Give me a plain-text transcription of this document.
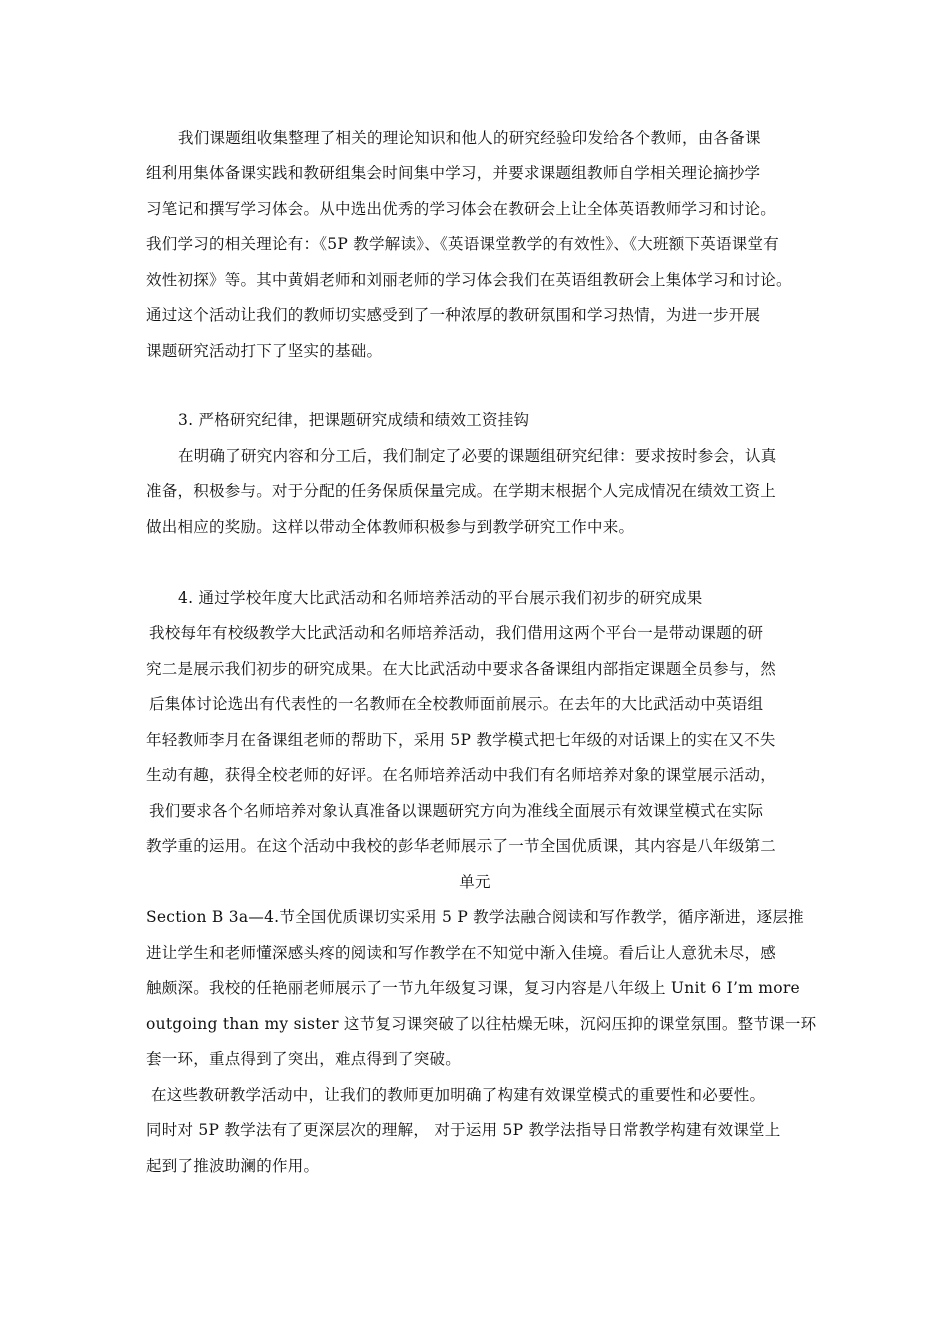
我们课题组收集整理了相关的理论知识和他人的研究经验印发给各个教师，由各备课
组利用集体备课实践和教研组集会时间集中学习，并要求课题组教师自学相关理论摘抄学
习笔记和撰写学习体会。从中选出优秀的学习体会在教研会上让全体英语教师学习和讨论。
我们学习的相关理论有：《5P 教学解读》、《英语课堂教学的有效性》、《大班额下英语课堂有
效性初探》等。其中黄娟老师和刘丽老师的学习体会我们在英语组教研会上集体学习和讨论。
通过这个活动让我们的教师切实感受到了一种浓厚的教研氛围和学习热情，为进一步开展
课题研究活动打下了坚实的基础。
3. 严格研究纪律，把课题研究成绩和绩效工资挂钩
在明确了研究内容和分工后，我们制定了必要的课题组研究纪律：要求按时参会，认真
准备，积极参与。对于分配的任务保质保量完成。在学期末根据个人完成情况在绩效工资上
做出相应的奖励。这样以带动全体教师积极参与到教学研究工作中来。
4. 通过学校年度大比武活动和名师培养活动的平台展示我们初步的研究成果
我校每年有校级教学大比武活动和名师培养活动，我们借用这两个平台一是带动课题的研
究二是展示我们初步的研究成果。在大比武活动中要求各备课组内部指定课题全员参与，然
后集体讨论选出有代表性的一名教师在全校教师面前展示。在去年的大比武活动中英语组
年轻教师李月在备课组老师的帮助下，采用 5P 教学模式把七年级的对话课上的实在又不失
生动有趣，获得全校老师的好评。在名师培养活动中我们有名师培养对象的课堂展示活动，
我们要求各个名师培养对象认真准备以课题研究方向为准线全面展示有效课堂模式在实际
教学重的运用。在这个活动中我校的彭华老师展示了一节全国优质课，其内容是八年级第二
单元
Section B 3a—4.节全国优质课切实采用 5 P 教学法融合阅读和写作教学，循序渐进，逐层推
进让学生和老师懂深感头疼的阅读和写作教学在不知觉中渐入佳境。看后让人意犹未尽，感
触颇深。我校的任艳丽老师展示了一节九年级复习课，复习内容是八年级上 Unit 6 I’m more
outgoing than my sister 这节复习课突破了以往枯燥无味，沉闷压抑的课堂氛围。整节课一环
套一环，重点得到了突出，难点得到了突破。
在这些教研教学活动中，让我们的教师更加明确了构建有效课堂模式的重要性和必要性。
同时对 5P 教学法有了更深层次的理解， 对于运用 5P 教学法指导日常教学构建有效课堂上
起到了推波助澜的作用。
